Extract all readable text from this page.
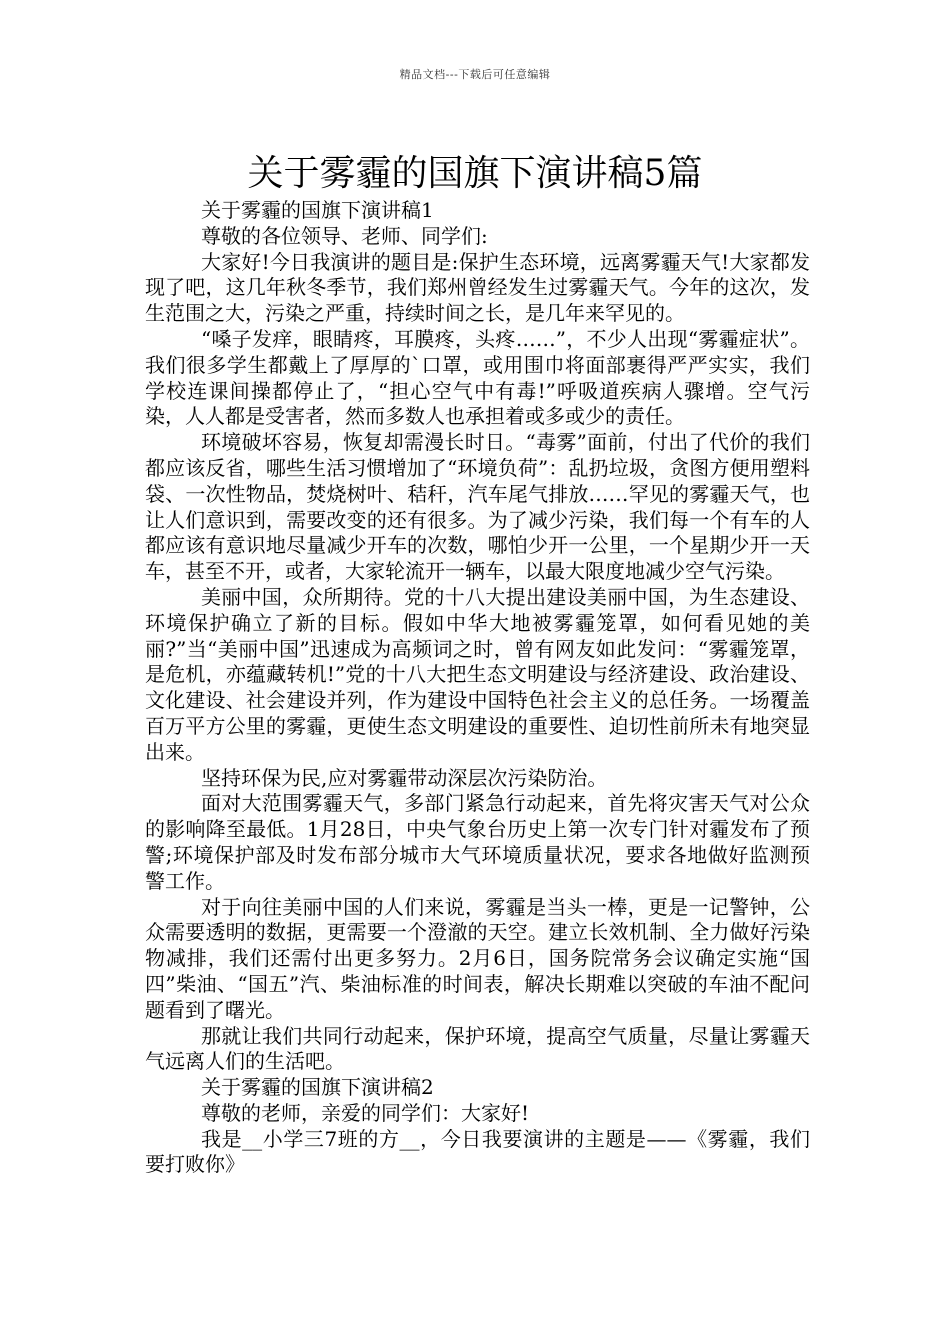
精品文档---下载后可任意编辑
关于雾霾的国旗下演讲稿5篇

关于雾霾的国旗下演讲稿1

尊敬的各位领导、老师、同学们:

大家好!今日我演讲的题目是:保护生态环境，远离雾霾天气!大家都发现了吧，这几年秋冬季节，我们郑州曾经发生过雾霾天气。今年的这次，发生范围之大，污染之严重，持续时间之长，是几年来罕见的。

“嗓子发痒，眼睛疼，耳膜疼，头疼……”，不少人出现“雾霾症状”。我们很多学生都戴上了厚厚的`口罩，或用围巾将面部裹得严严实实，我们学校连课间操都停止了，“担心空气中有毒!”呼吸道疾病人骤增。空气污染，人人都是受害者，然而多数人也承担着或多或少的责任。

环境破坏容易，恢复却需漫长时日。“毒雾”面前，付出了代价的我们都应该反省，哪些生活习惯增加了“环境负荷”：乱扔垃圾，贪图方便用塑料袋、一次性物品，焚烧树叶、秸秆，汽车尾气排放……罕见的雾霾天气，也让人们意识到，需要改变的还有很多。为了减少污染，我们每一个有车的人都应该有意识地尽量减少开车的次数，哪怕少开一公里，一个星期少开一天车，甚至不开，或者，大家轮流开一辆车，以最大限度地减少空气污染。

美丽中国，众所期待。党的十八大提出建设美丽中国，为生态建设、环境保护确立了新的目标。假如中华大地被雾霾笼罩，如何看见她的美丽?”当“美丽中国”迅速成为高频词之时，曾有网友如此发问：“雾霾笼罩，是危机，亦蕴藏转机!”党的十八大把生态文明建设与经济建设、政治建设、文化建设、社会建设并列，作为建设中国特色社会主义的总任务。一场覆盖百万平方公里的雾霾，更使生态文明建设的重要性、迫切性前所未有地突显出来。

坚持环保为民,应对雾霾带动深层次污染防治。

面对大范围雾霾天气，多部门紧急行动起来，首先将灾害天气对公众的影响降至最低。1月28日，中央气象台历史上第一次专门针对霾发布了预警;环境保护部及时发布部分城市大气环境质量状况，要求各地做好监测预警工作。

对于向往美丽中国的人们来说，雾霾是当头一棒，更是一记警钟，公众需要透明的数据，更需要一个澄澈的天空。建立长效机制、全力做好污染物减排，我们还需付出更多努力。2月6日，国务院常务会议确定实施“国四”柴油、“国五”汽、柴油标准的时间表，解决长期难以突破的车油不配问题看到了曙光。

那就让我们共同行动起来，保护环境，提高空气质量，尽量让雾霾天气远离人们的生活吧。

关于雾霾的国旗下演讲稿2

尊敬的老师，亲爱的同学们：大家好!

我是__小学三7班的方__，今日我要演讲的主题是——《雾霾，我们要打败你》
